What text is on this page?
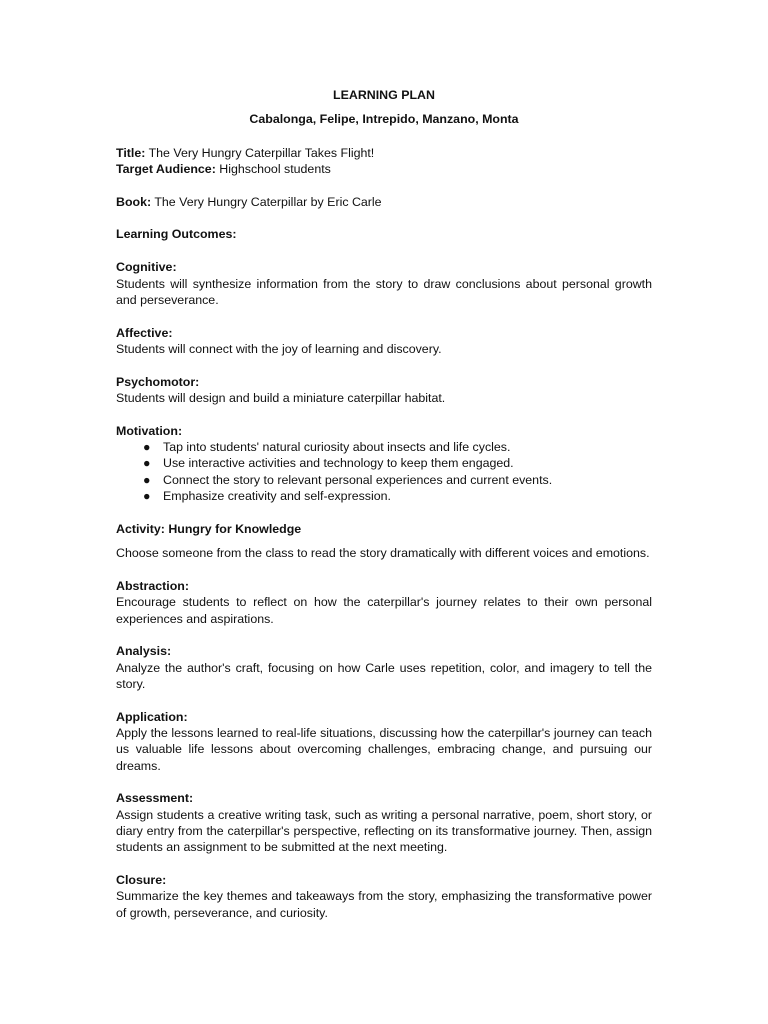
LEARNING PLAN

Cabalonga, Felipe, Intrepido, Manzano, Monta

Title: The Very Hungry Caterpillar Takes Flight!

Target Audience: Highschool students

Book: The Very Hungry Caterpillar by Eric Carle

Learning Outcomes:

Cognitive:

Students will synthesize information from the story to draw conclusions about personal growth and perseverance.

Affective:

Students will connect with the joy of learning and discovery.

Psychomotor:

Students will design and build a miniature caterpillar habitat.

Motivation:

● Tap into students' natural curiosity about insects and life cycles.
● Use interactive activities and technology to keep them engaged.
● Connect the story to relevant personal experiences and current events.
● Emphasize creativity and self-expression.

Activity: Hungry for Knowledge

Choose someone from the class to read the story dramatically with different voices and emotions.

Abstraction:

Encourage students to reflect on how the caterpillar's journey relates to their own personal experiences and aspirations.

Analysis:

Analyze the author's craft, focusing on how Carle uses repetition, color, and imagery to tell the story.

Application:

Apply the lessons learned to real-life situations, discussing how the caterpillar's journey can teach us valuable life lessons about overcoming challenges, embracing change, and pursuing our dreams.

Assessment:

Assign students a creative writing task, such as writing a personal narrative, poem, short story, or diary entry from the caterpillar's perspective, reflecting on its transformative journey. Then, assign students an assignment to be submitted at the next meeting.

Closure:

Summarize the key themes and takeaways from the story, emphasizing the transformative power of growth, perseverance, and curiosity.
